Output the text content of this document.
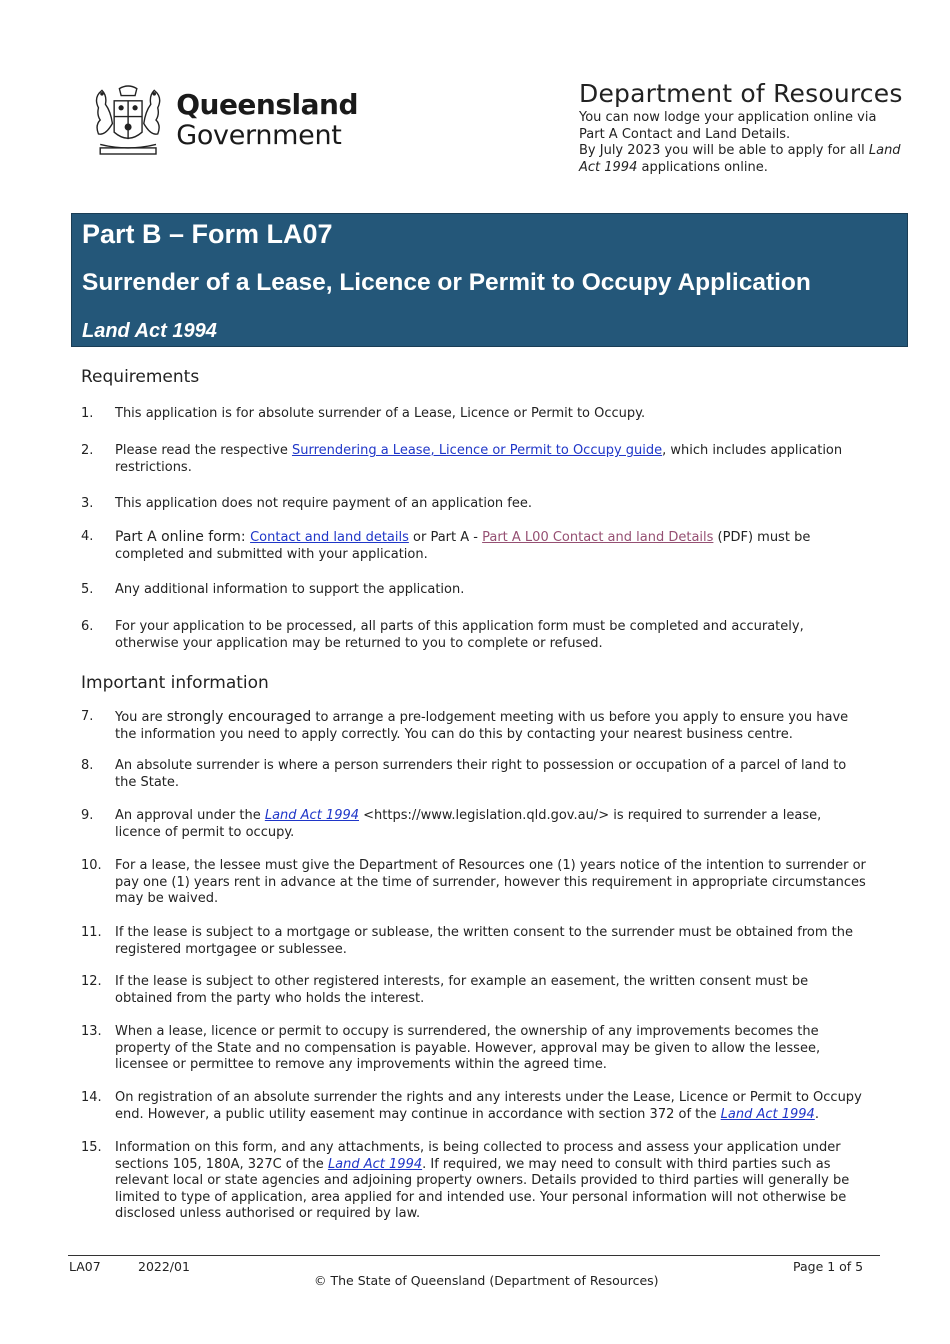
Queensland
Government
Department of Resources
You can now lodge your application online via
Part A Contact and Land Details.
By July 2023 you will be able to apply for all Land
Act 1994 applications online.
Part B – Form LA07
Surrender of a Lease, Licence or Permit to Occupy Application
Land Act 1994
Requirements
1.	This application is for absolute surrender of a Lease, Licence or Permit to Occupy.
2.	Please read the respective Surrendering a Lease, Licence or Permit to Occupy guide, which includes application restrictions.
3.	This application does not require payment of an application fee.
4.	Part A online form: Contact and land details or Part A - Part A L00 Contact and land Details (PDF) must be completed and submitted with your application.
5.	Any additional information to support the application.
6.	For your application to be processed, all parts of this application form must be completed and accurately, otherwise your application may be returned to you to complete or refused.
Important information
7.	You are strongly encouraged to arrange a pre-lodgement meeting with us before you apply to ensure you have the information you need to apply correctly. You can do this by contacting your nearest business centre.
8.	An absolute surrender is where a person surrenders their right to possession or occupation of a parcel of land to the State.
9.	An approval under the Land Act 1994 <https://www.legislation.qld.gov.au/> is required to surrender a lease, licence of permit to occupy.
10.	For a lease, the lessee must give the Department of Resources one (1) years notice of the intention to surrender or pay one (1) years rent in advance at the time of surrender, however this requirement in appropriate circumstances may be waived.
11.	If the lease is subject to a mortgage or sublease, the written consent to the surrender must be obtained from the registered mortgagee or sublessee.
12.	If the lease is subject to other registered interests, for example an easement, the written consent must be obtained from the party who holds the interest.
13.	When a lease, licence or permit to occupy is surrendered, the ownership of any improvements becomes the property of the State and no compensation is payable. However, approval may be given to allow the lessee, licensee or permittee to remove any improvements within the agreed time.
14.	On registration of an absolute surrender the rights and any interests under the Lease, Licence or Permit to Occupy end. However, a public utility easement may continue in accordance with section 372 of the Land Act 1994.
15.	Information on this form, and any attachments, is being collected to process and assess your application under sections 105, 180A, 327C of the Land Act 1994. If required, we may need to consult with third parties such as relevant local or state agencies and adjoining property owners. Details provided to third parties will generally be limited to type of application, area applied for and intended use. Your personal information will not otherwise be disclosed unless authorised or required by law.
LA07	2022/01	Page 1 of 5
© The State of Queensland (Department of Resources)
